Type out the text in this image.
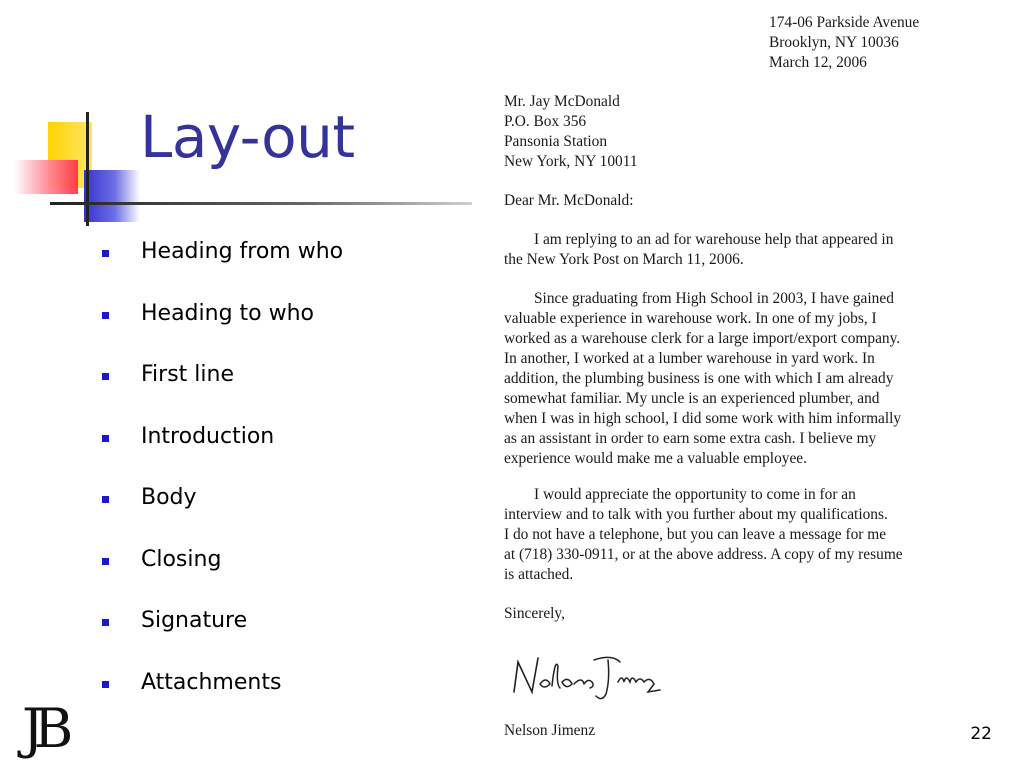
Lay-out
Heading from who
Heading to who
First line
Introduction
Body
Closing
Signature
Attachments
JB	22
174-06 Parkside Avenue
Brooklyn, NY 10036
March 12, 2006
Mr. Jay McDonald
P.O. Box 356
Pansonia Station
New York, NY 10011
Dear Mr. McDonald:
I am replying to an ad for warehouse help that appeared in
the New York Post on March 11, 2006.
Since graduating from High School in 2003, I have gained
valuable experience in warehouse work. In one of my jobs, I
worked as a warehouse clerk for a large import/export company.
In another, I worked at a lumber warehouse in yard work. In
addition, the plumbing business is one with which I am already
somewhat familiar. My uncle is an experienced plumber, and
when I was in high school, I did some work with him informally
as an assistant in order to earn some extra cash. I believe my
experience would make me a valuable employee.
I would appreciate the opportunity to come in for an
interview and to talk with you further about my qualifications.
I do not have a telephone, but you can leave a message for me
at (718) 330-0911, or at the above address. A copy of my resume
is attached.
Sincerely,
Nelson Jimenz
